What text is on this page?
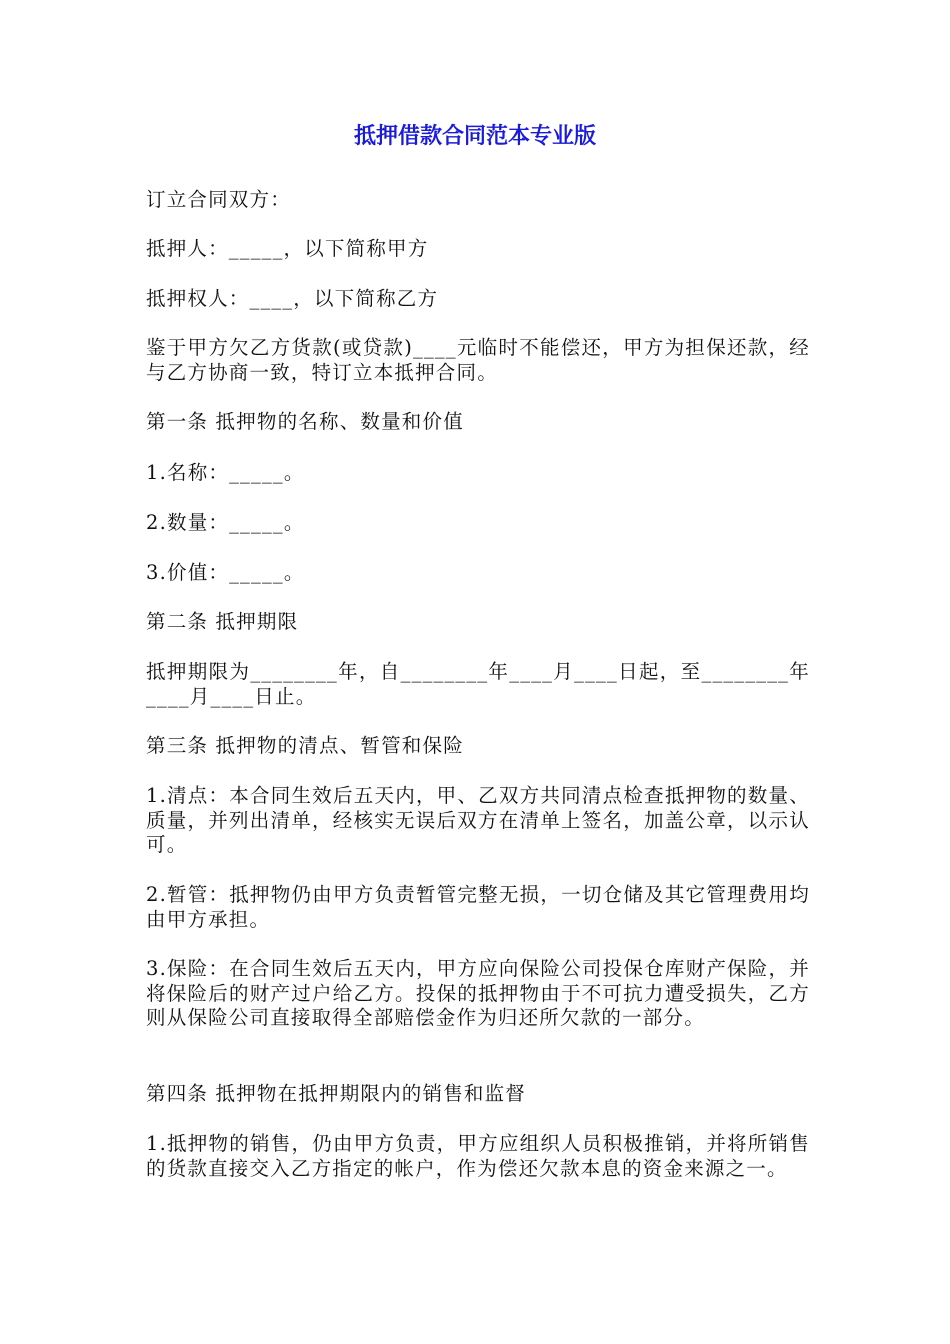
抵押借款合同范本专业版

订立合同双方：

抵押人：_____，以下简称甲方

抵押权人：____，以下简称乙方

鉴于甲方欠乙方货款(或贷款)____元临时不能偿还，甲方为担保还款，经与乙方协商一致，特订立本抵押合同。

第一条 抵押物的名称、数量和价值

1.名称：_____。

2.数量：_____。

3.价值：_____。

第二条 抵押期限

抵押期限为________年，自________年____月____日起，至________年____月____日止。

第三条 抵押物的清点、暂管和保险

1.清点：本合同生效后五天内，甲、乙双方共同清点检查抵押物的数量、质量，并列出清单，经核实无误后双方在清单上签名，加盖公章，以示认可。

2.暂管：抵押物仍由甲方负责暂管完整无损，一切仓储及其它管理费用均由甲方承担。

3.保险：在合同生效后五天内，甲方应向保险公司投保仓库财产保险，并将保险后的财产过户给乙方。投保的抵押物由于不可抗力遭受损失，乙方则从保险公司直接取得全部赔偿金作为归还所欠款的一部分。

第四条 抵押物在抵押期限内的销售和监督

1.抵押物的销售，仍由甲方负责，甲方应组织人员积极推销，并将所销售的货款直接交入乙方指定的帐户，作为偿还欠款本息的资金来源之一。
